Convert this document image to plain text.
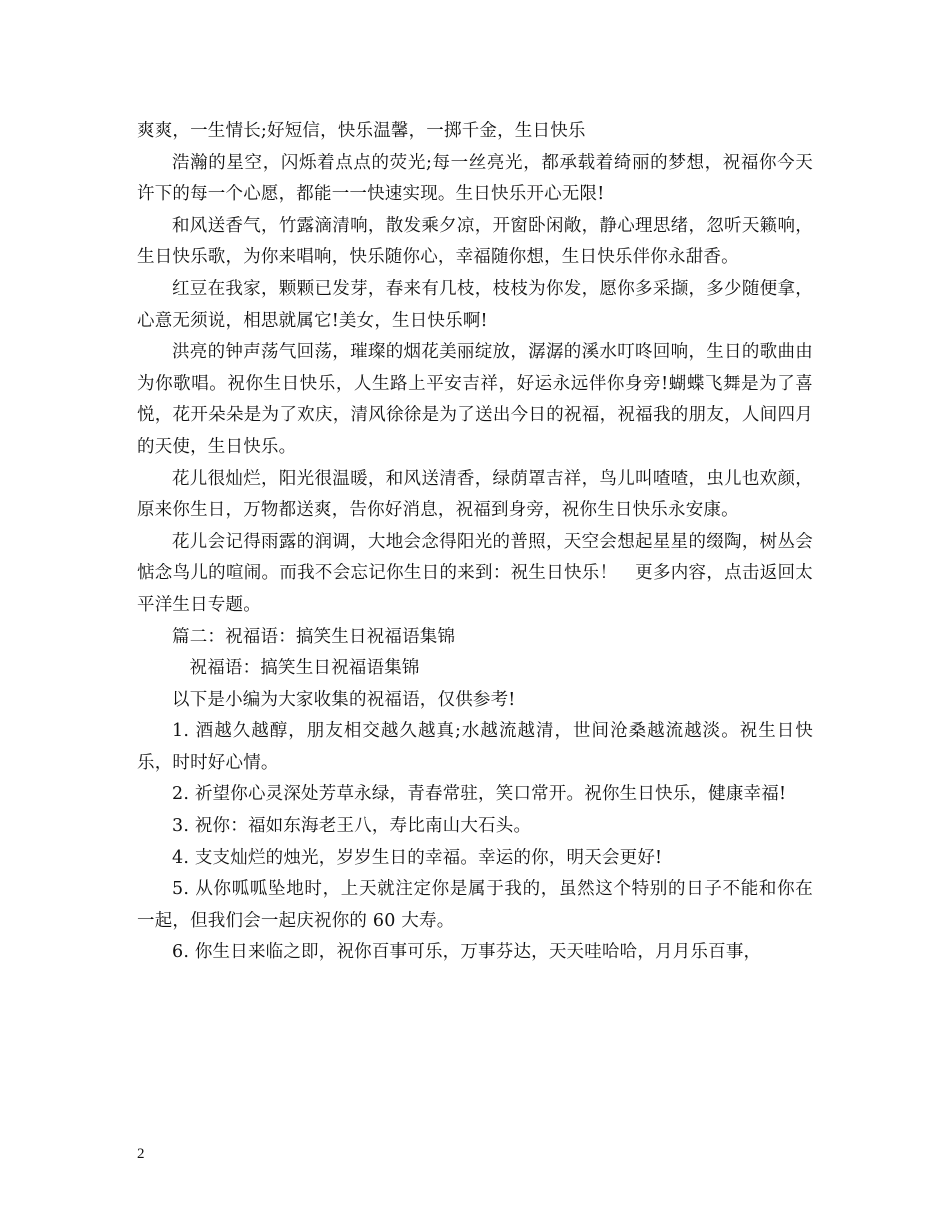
爽爽，一生情长;好短信，快乐温馨，一掷千金，生日快乐

浩瀚的星空，闪烁着点点的荧光;每一丝亮光，都承载着绮丽的梦想，祝福你今天许下的每一个心愿，都能一一快速实现。生日快乐开心无限!

和风送香气，竹露滴清响，散发乘夕凉，开窗卧闲敞，静心理思绪，忽听天籁响，生日快乐歌，为你来唱响，快乐随你心，幸福随你想，生日快乐伴你永甜香。

红豆在我家，颗颗已发芽，春来有几枝，枝枝为你发，愿你多采撷，多少随便拿，心意无须说，相思就属它!美女，生日快乐啊!

洪亮的钟声荡气回荡，璀璨的烟花美丽绽放，潺潺的溪水叮咚回响，生日的歌曲由为你歌唱。祝你生日快乐，人生路上平安吉祥，好运永远伴你身旁!蝴蝶飞舞是为了喜悦，花开朵朵是为了欢庆，清风徐徐是为了送出今日的祝福，祝福我的朋友，人间四月的天使，生日快乐。

花儿很灿烂，阳光很温暖，和风送清香，绿荫罩吉祥，鸟儿叫喳喳，虫儿也欢颜，原来你生日，万物都送爽，告你好消息，祝福到身旁，祝你生日快乐永安康。

花儿会记得雨露的润调，大地会念得阳光的普照，天空会想起星星的缀陶，树丛会惦念鸟儿的喧闹。而我不会忘记你生日的来到：祝生日快乐！　更多内容，点击返回太平洋生日专题。

篇二：祝福语：搞笑生日祝福语集锦

祝福语：搞笑生日祝福语集锦

以下是小编为大家收集的祝福语，仅供参考!

1. 酒越久越醇，朋友相交越久越真;水越流越清，世间沧桑越流越淡。祝生日快乐，时时好心情。

2. 祈望你心灵深处芳草永绿，青春常驻，笑口常开。祝你生日快乐，健康幸福!

3. 祝你：福如东海老王八，寿比南山大石头。

4. 支支灿烂的烛光，岁岁生日的幸福。幸运的你，明天会更好!

5. 从你呱呱坠地时，上天就注定你是属于我的，虽然这个特别的日子不能和你在一起，但我们会一起庆祝你的 60 大寿。

6. 你生日来临之即，祝你百事可乐，万事芬达，天天哇哈哈，月月乐百事，

2
